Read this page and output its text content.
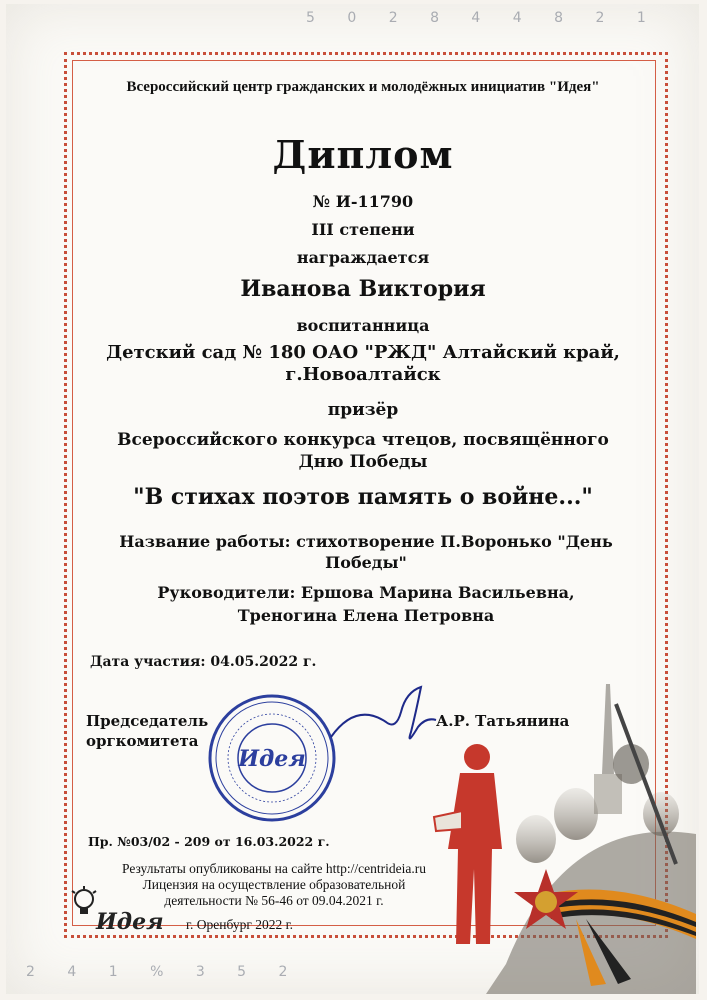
5 0 2 8 4 4 8 2 1
2 4 1 % 3 5 2
Всероссийский центр гражданских и молодёжных инициатив "Идея"
Диплом
№ И-11790
III степени
награждается
Иванова Виктория
воспитанница
Детский сад № 180 ОАО "РЖД" Алтайский край,
г.Новоалтайск
призёр
Всероссийского конкурса чтецов, посвящённого
Дню Победы
"В стихах поэтов память о войне..."
Название работы: стихотворение П.Воронько "День
Победы"
Руководители: Ершова Марина Васильевна,
Треногина Елена Петровна
Дата участия: 04.05.2022 г.
Председатель
оргкомитета
А.Р. Татьянина
Идея
Пр. №03/02 - 209 от 16.03.2022 г.
Результаты опубликованы на сайте http://centrideia.ru
Лицензия на осуществление образовательной
деятельности № 56-46 от 09.04.2021 г.
Идея г. Оренбург 2022 г.
